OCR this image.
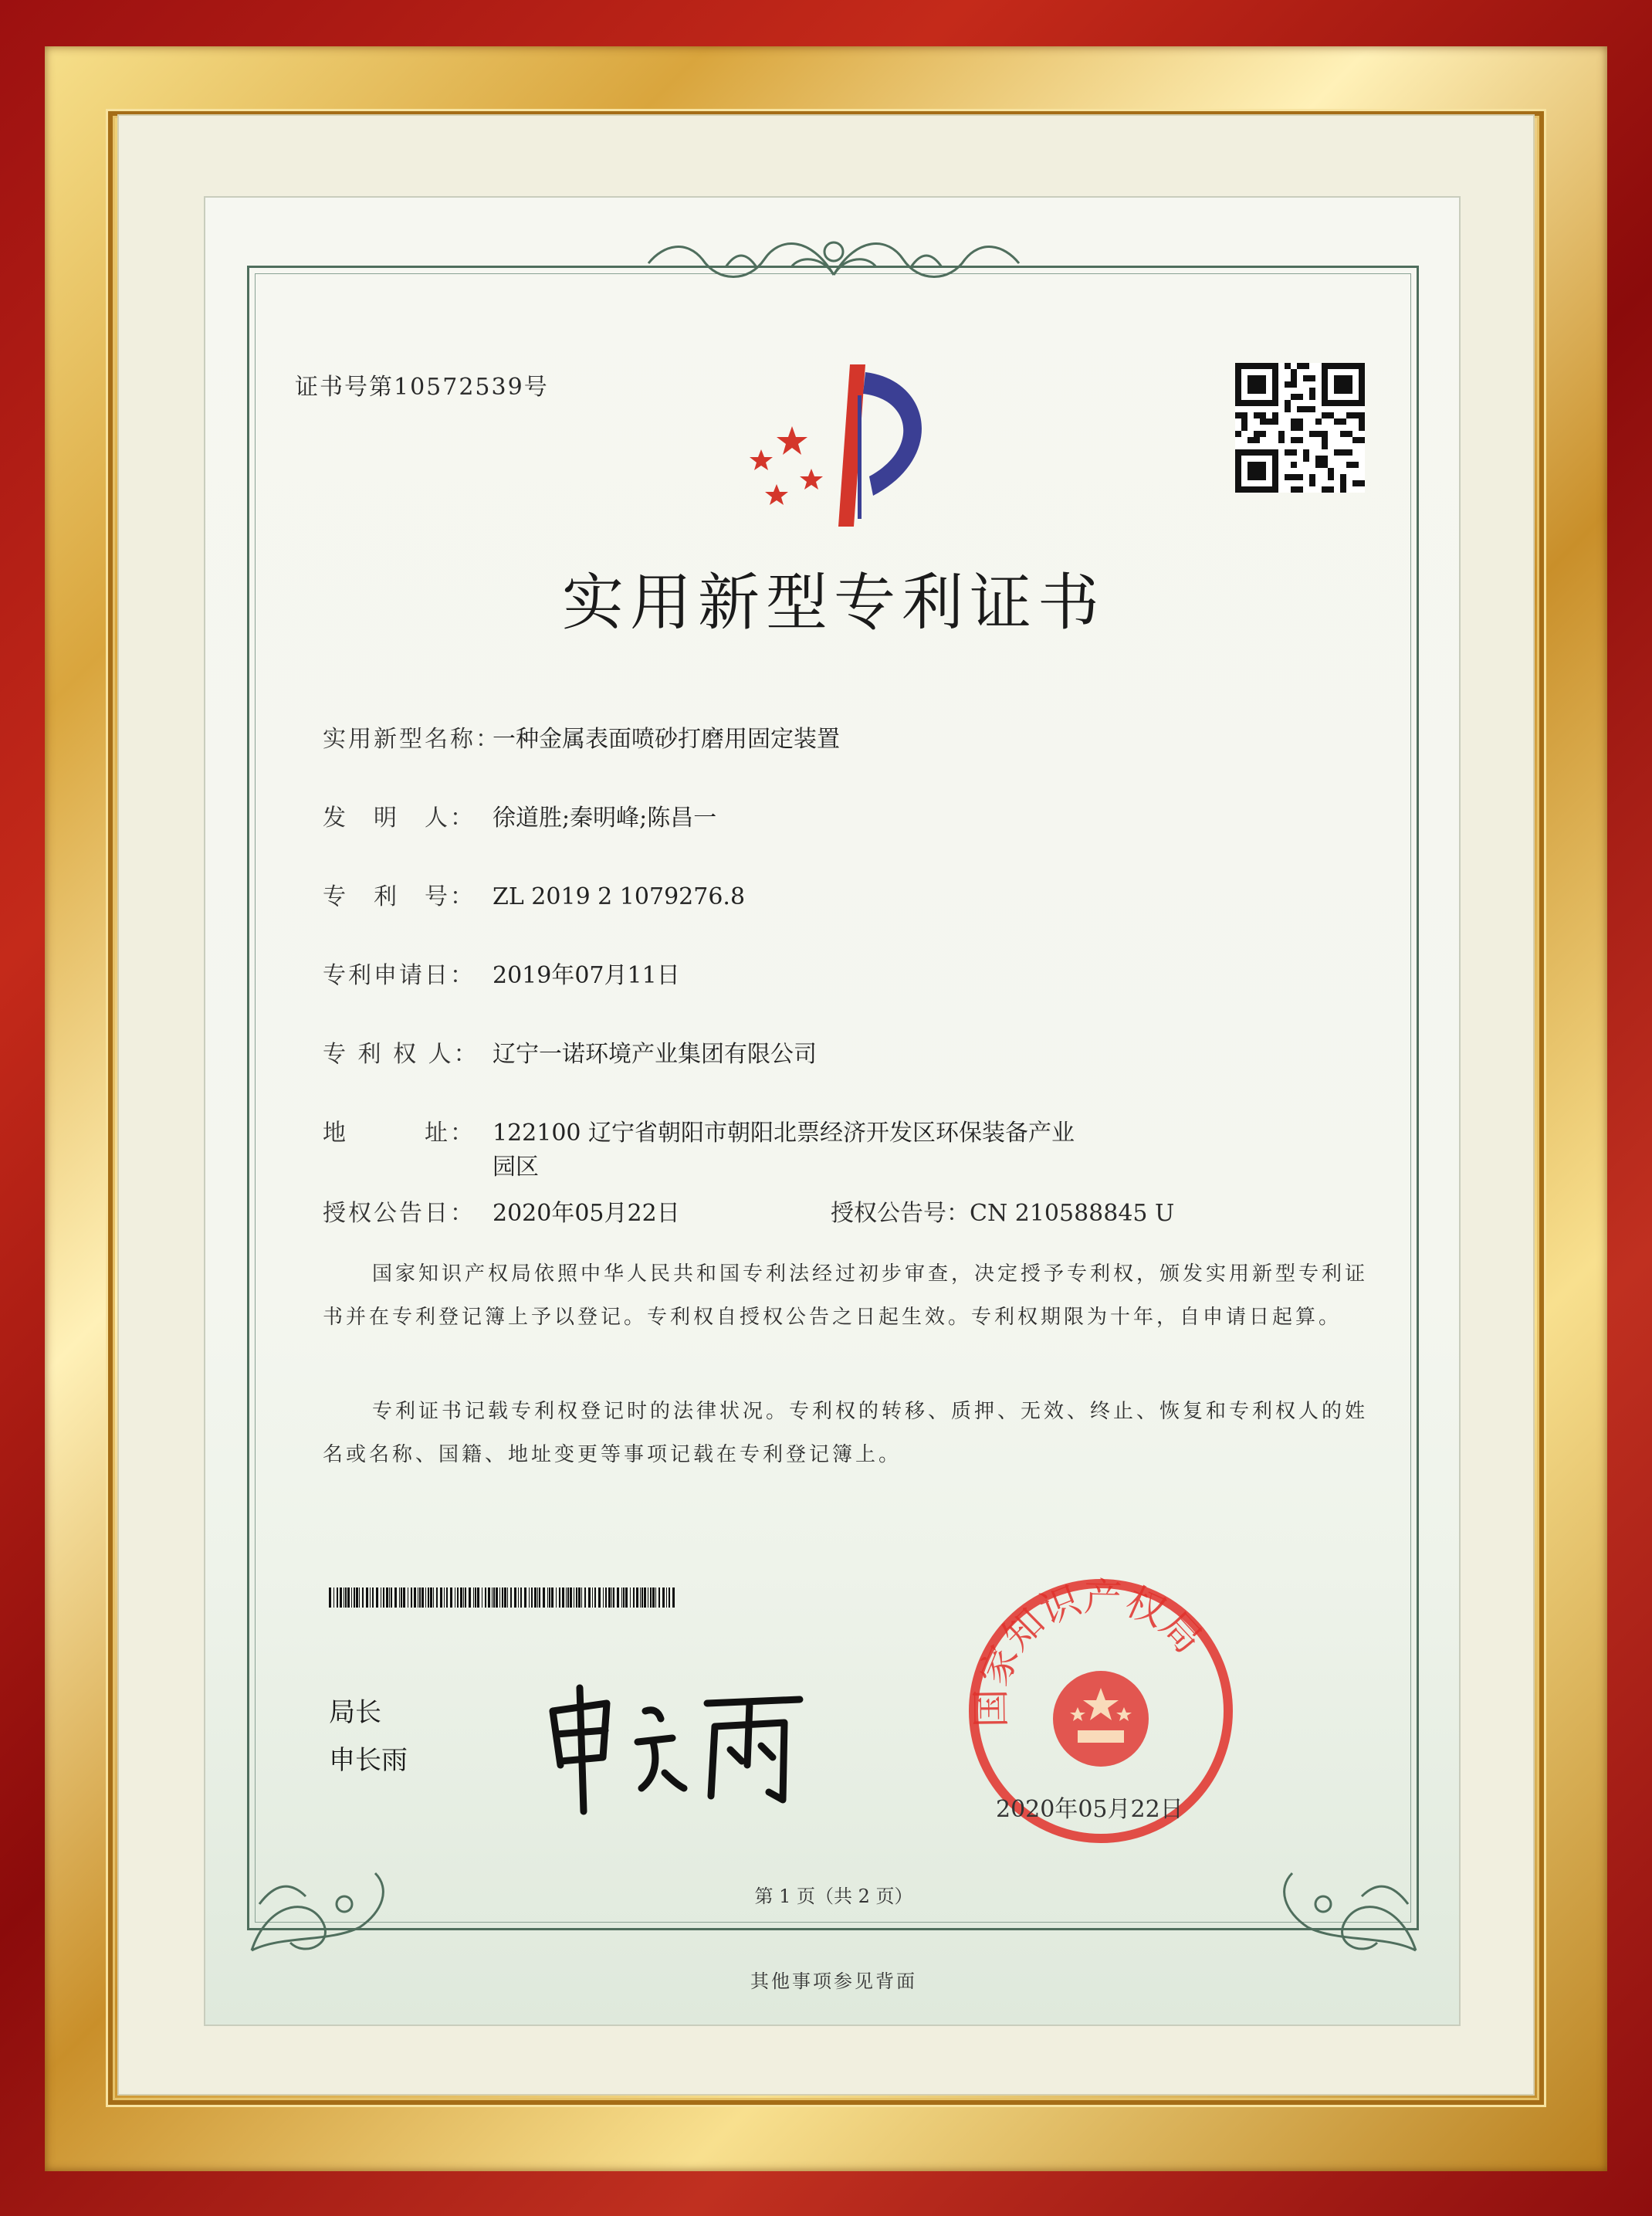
证书号第10572539号
实用新型专利证书
实用新型名称：一种金属表面喷砂打磨用固定装置
发　明　人： 徐道胜;秦明峰;陈昌一
专　利　号： ZL 2019 2 1079276.8
专利申请日： 2019年07月11日
专 利 权 人： 辽宁一诺环境产业集团有限公司
地　　　址： 122100 辽宁省朝阳市朝阳北票经济开发区环保装备产业
园区
授权公告日： 2020年05月22日	授权公告号：CN 210588845 U
国家知识产权局依照中华人民共和国专利法经过初步审查，决定授予专利权，颁发实用新型专利证书并在专利登记簿上予以登记。专利权自授权公告之日起生效。专利权期限为十年，自申请日起算。
专利证书记载专利权登记时的法律状况。专利权的转移、质押、无效、终止、恢复和专利权人的姓名或名称、国籍、地址变更等事项记载在专利登记簿上。
局长
申长雨
国家知识产权局
2020年05月22日
第 1 页（共 2 页）
其他事项参见背面
